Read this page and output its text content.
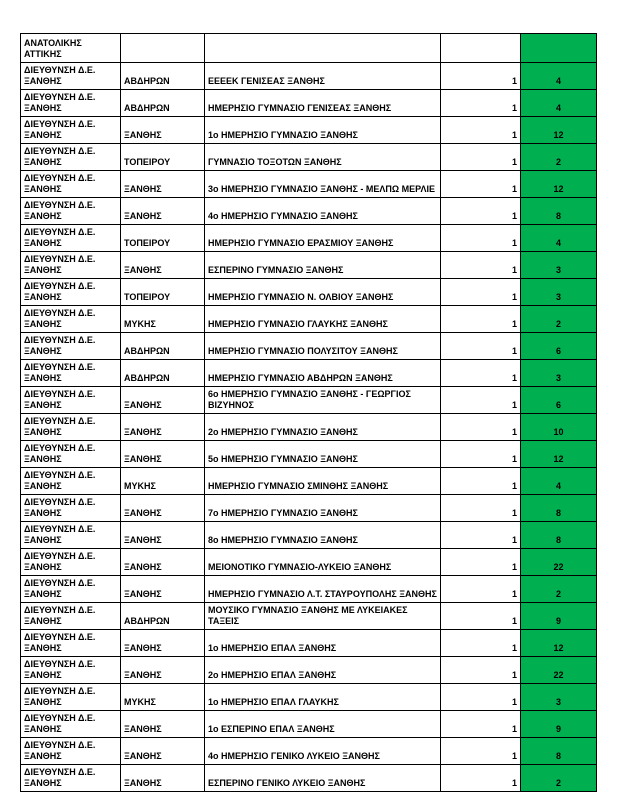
ΑΝΑΤΟΛΙΚΗΣ ΑΤΤΙΚΗΣ				
ΔΙΕΥΘΥΝΣΗ Δ.Ε. ΞΑΝΘΗΣ	ΑΒΔΗΡΩΝ	ΕΕΕΕΚ ΓΕΝΙΣΕΑΣ ΞΑΝΘΗΣ	1	4
ΔΙΕΥΘΥΝΣΗ Δ.Ε. ΞΑΝΘΗΣ	ΑΒΔΗΡΩΝ	ΗΜΕΡΗΣΙΟ ΓΥΜΝΑΣΙΟ ΓΕΝΙΣΕΑΣ ΞΑΝΘΗΣ	1	4
ΔΙΕΥΘΥΝΣΗ Δ.Ε. ΞΑΝΘΗΣ	ΞΑΝΘΗΣ	1ο ΗΜΕΡΗΣΙΟ ΓΥΜΝΑΣΙΟ ΞΑΝΘΗΣ	1	12
ΔΙΕΥΘΥΝΣΗ Δ.Ε. ΞΑΝΘΗΣ	ΤΟΠΕΙΡΟΥ	ΓΥΜΝΑΣΙΟ ΤΟΞΟΤΩΝ ΞΑΝΘΗΣ	1	2
ΔΙΕΥΘΥΝΣΗ Δ.Ε. ΞΑΝΘΗΣ	ΞΑΝΘΗΣ	3ο ΗΜΕΡΗΣΙΟ ΓΥΜΝΑΣΙΟ ΞΑΝΘΗΣ - ΜΕΛΠΩ ΜΕΡΛΙΕ	1	12
ΔΙΕΥΘΥΝΣΗ Δ.Ε. ΞΑΝΘΗΣ	ΞΑΝΘΗΣ	4ο ΗΜΕΡΗΣΙΟ ΓΥΜΝΑΣΙΟ ΞΑΝΘΗΣ	1	8
ΔΙΕΥΘΥΝΣΗ Δ.Ε. ΞΑΝΘΗΣ	ΤΟΠΕΙΡΟΥ	ΗΜΕΡΗΣΙΟ ΓΥΜΝΑΣΙΟ ΕΡΑΣΜΙΟΥ ΞΑΝΘΗΣ	1	4
ΔΙΕΥΘΥΝΣΗ Δ.Ε. ΞΑΝΘΗΣ	ΞΑΝΘΗΣ	ΕΣΠΕΡΙΝΟ ΓΥΜΝΑΣΙΟ ΞΑΝΘΗΣ	1	3
ΔΙΕΥΘΥΝΣΗ Δ.Ε. ΞΑΝΘΗΣ	ΤΟΠΕΙΡΟΥ	ΗΜΕΡΗΣΙΟ ΓΥΜΝΑΣΙΟ Ν. ΟΛΒΙΟΥ ΞΑΝΘΗΣ	1	3
ΔΙΕΥΘΥΝΣΗ Δ.Ε. ΞΑΝΘΗΣ	ΜΥΚΗΣ	ΗΜΕΡΗΣΙΟ ΓΥΜΝΑΣΙΟ ΓΛΑΥΚΗΣ ΞΑΝΘΗΣ	1	2
ΔΙΕΥΘΥΝΣΗ Δ.Ε. ΞΑΝΘΗΣ	ΑΒΔΗΡΩΝ	ΗΜΕΡΗΣΙΟ ΓΥΜΝΑΣΙΟ ΠΟΛΥΣΙΤΟΥ ΞΑΝΘΗΣ	1	6
ΔΙΕΥΘΥΝΣΗ Δ.Ε. ΞΑΝΘΗΣ	ΑΒΔΗΡΩΝ	ΗΜΕΡΗΣΙΟ ΓΥΜΝΑΣΙΟ ΑΒΔΗΡΩΝ ΞΑΝΘΗΣ	1	3
ΔΙΕΥΘΥΝΣΗ Δ.Ε. ΞΑΝΘΗΣ	ΞΑΝΘΗΣ	6ο ΗΜΕΡΗΣΙΟ ΓΥΜΝΑΣΙΟ ΞΑΝΘΗΣ - ΓΕΩΡΓΙΟΣ ΒΙΖΥΗΝΟΣ	1	6
ΔΙΕΥΘΥΝΣΗ Δ.Ε. ΞΑΝΘΗΣ	ΞΑΝΘΗΣ	2ο ΗΜΕΡΗΣΙΟ ΓΥΜΝΑΣΙΟ ΞΑΝΘΗΣ	1	10
ΔΙΕΥΘΥΝΣΗ Δ.Ε. ΞΑΝΘΗΣ	ΞΑΝΘΗΣ	5ο ΗΜΕΡΗΣΙΟ ΓΥΜΝΑΣΙΟ ΞΑΝΘΗΣ	1	12
ΔΙΕΥΘΥΝΣΗ Δ.Ε. ΞΑΝΘΗΣ	ΜΥΚΗΣ	ΗΜΕΡΗΣΙΟ ΓΥΜΝΑΣΙΟ ΣΜΙΝΘΗΣ ΞΑΝΘΗΣ	1	4
ΔΙΕΥΘΥΝΣΗ Δ.Ε. ΞΑΝΘΗΣ	ΞΑΝΘΗΣ	7ο ΗΜΕΡΗΣΙΟ ΓΥΜΝΑΣΙΟ ΞΑΝΘΗΣ	1	8
ΔΙΕΥΘΥΝΣΗ Δ.Ε. ΞΑΝΘΗΣ	ΞΑΝΘΗΣ	8ο ΗΜΕΡΗΣΙΟ ΓΥΜΝΑΣΙΟ ΞΑΝΘΗΣ	1	8
ΔΙΕΥΘΥΝΣΗ Δ.Ε. ΞΑΝΘΗΣ	ΞΑΝΘΗΣ	ΜΕΙΟΝΟΤΙΚΟ ΓΥΜΝΑΣΙΟ-ΛΥΚΕΙΟ ΞΑΝΘΗΣ	1	22
ΔΙΕΥΘΥΝΣΗ Δ.Ε. ΞΑΝΘΗΣ	ΞΑΝΘΗΣ	ΗΜΕΡΗΣΙΟ ΓΥΜΝΑΣΙΟ Λ.Τ. ΣΤΑΥΡΟΥΠΟΛΗΣ ΞΑΝΘΗΣ	1	2
ΔΙΕΥΘΥΝΣΗ Δ.Ε. ΞΑΝΘΗΣ	ΑΒΔΗΡΩΝ	ΜΟΥΣΙΚΟ ΓΥΜΝΑΣΙΟ ΞΑΝΘΗΣ ΜΕ ΛΥΚΕΙΑΚΕΣ ΤΑΞΕΙΣ	1	9
ΔΙΕΥΘΥΝΣΗ Δ.Ε. ΞΑΝΘΗΣ	ΞΑΝΘΗΣ	1ο ΗΜΕΡΗΣΙΟ ΕΠΑΛ ΞΑΝΘΗΣ	1	12
ΔΙΕΥΘΥΝΣΗ Δ.Ε. ΞΑΝΘΗΣ	ΞΑΝΘΗΣ	2ο ΗΜΕΡΗΣΙΟ ΕΠΑΛ ΞΑΝΘΗΣ	1	22
ΔΙΕΥΘΥΝΣΗ Δ.Ε. ΞΑΝΘΗΣ	ΜΥΚΗΣ	1ο ΗΜΕΡΗΣΙΟ ΕΠΑΛ ΓΛΑΥΚΗΣ	1	3
ΔΙΕΥΘΥΝΣΗ Δ.Ε. ΞΑΝΘΗΣ	ΞΑΝΘΗΣ	1ο ΕΣΠΕΡΙΝΟ ΕΠΑΛ ΞΑΝΘΗΣ	1	9
ΔΙΕΥΘΥΝΣΗ Δ.Ε. ΞΑΝΘΗΣ	ΞΑΝΘΗΣ	4ο ΗΜΕΡΗΣΙΟ ΓΕΝΙΚΟ ΛΥΚΕΙΟ ΞΑΝΘΗΣ	1	8
ΔΙΕΥΘΥΝΣΗ Δ.Ε. ΞΑΝΘΗΣ	ΞΑΝΘΗΣ	ΕΣΠΕΡΙΝΟ ΓΕΝΙΚΟ ΛΥΚΕΙΟ ΞΑΝΘΗΣ	1	2
